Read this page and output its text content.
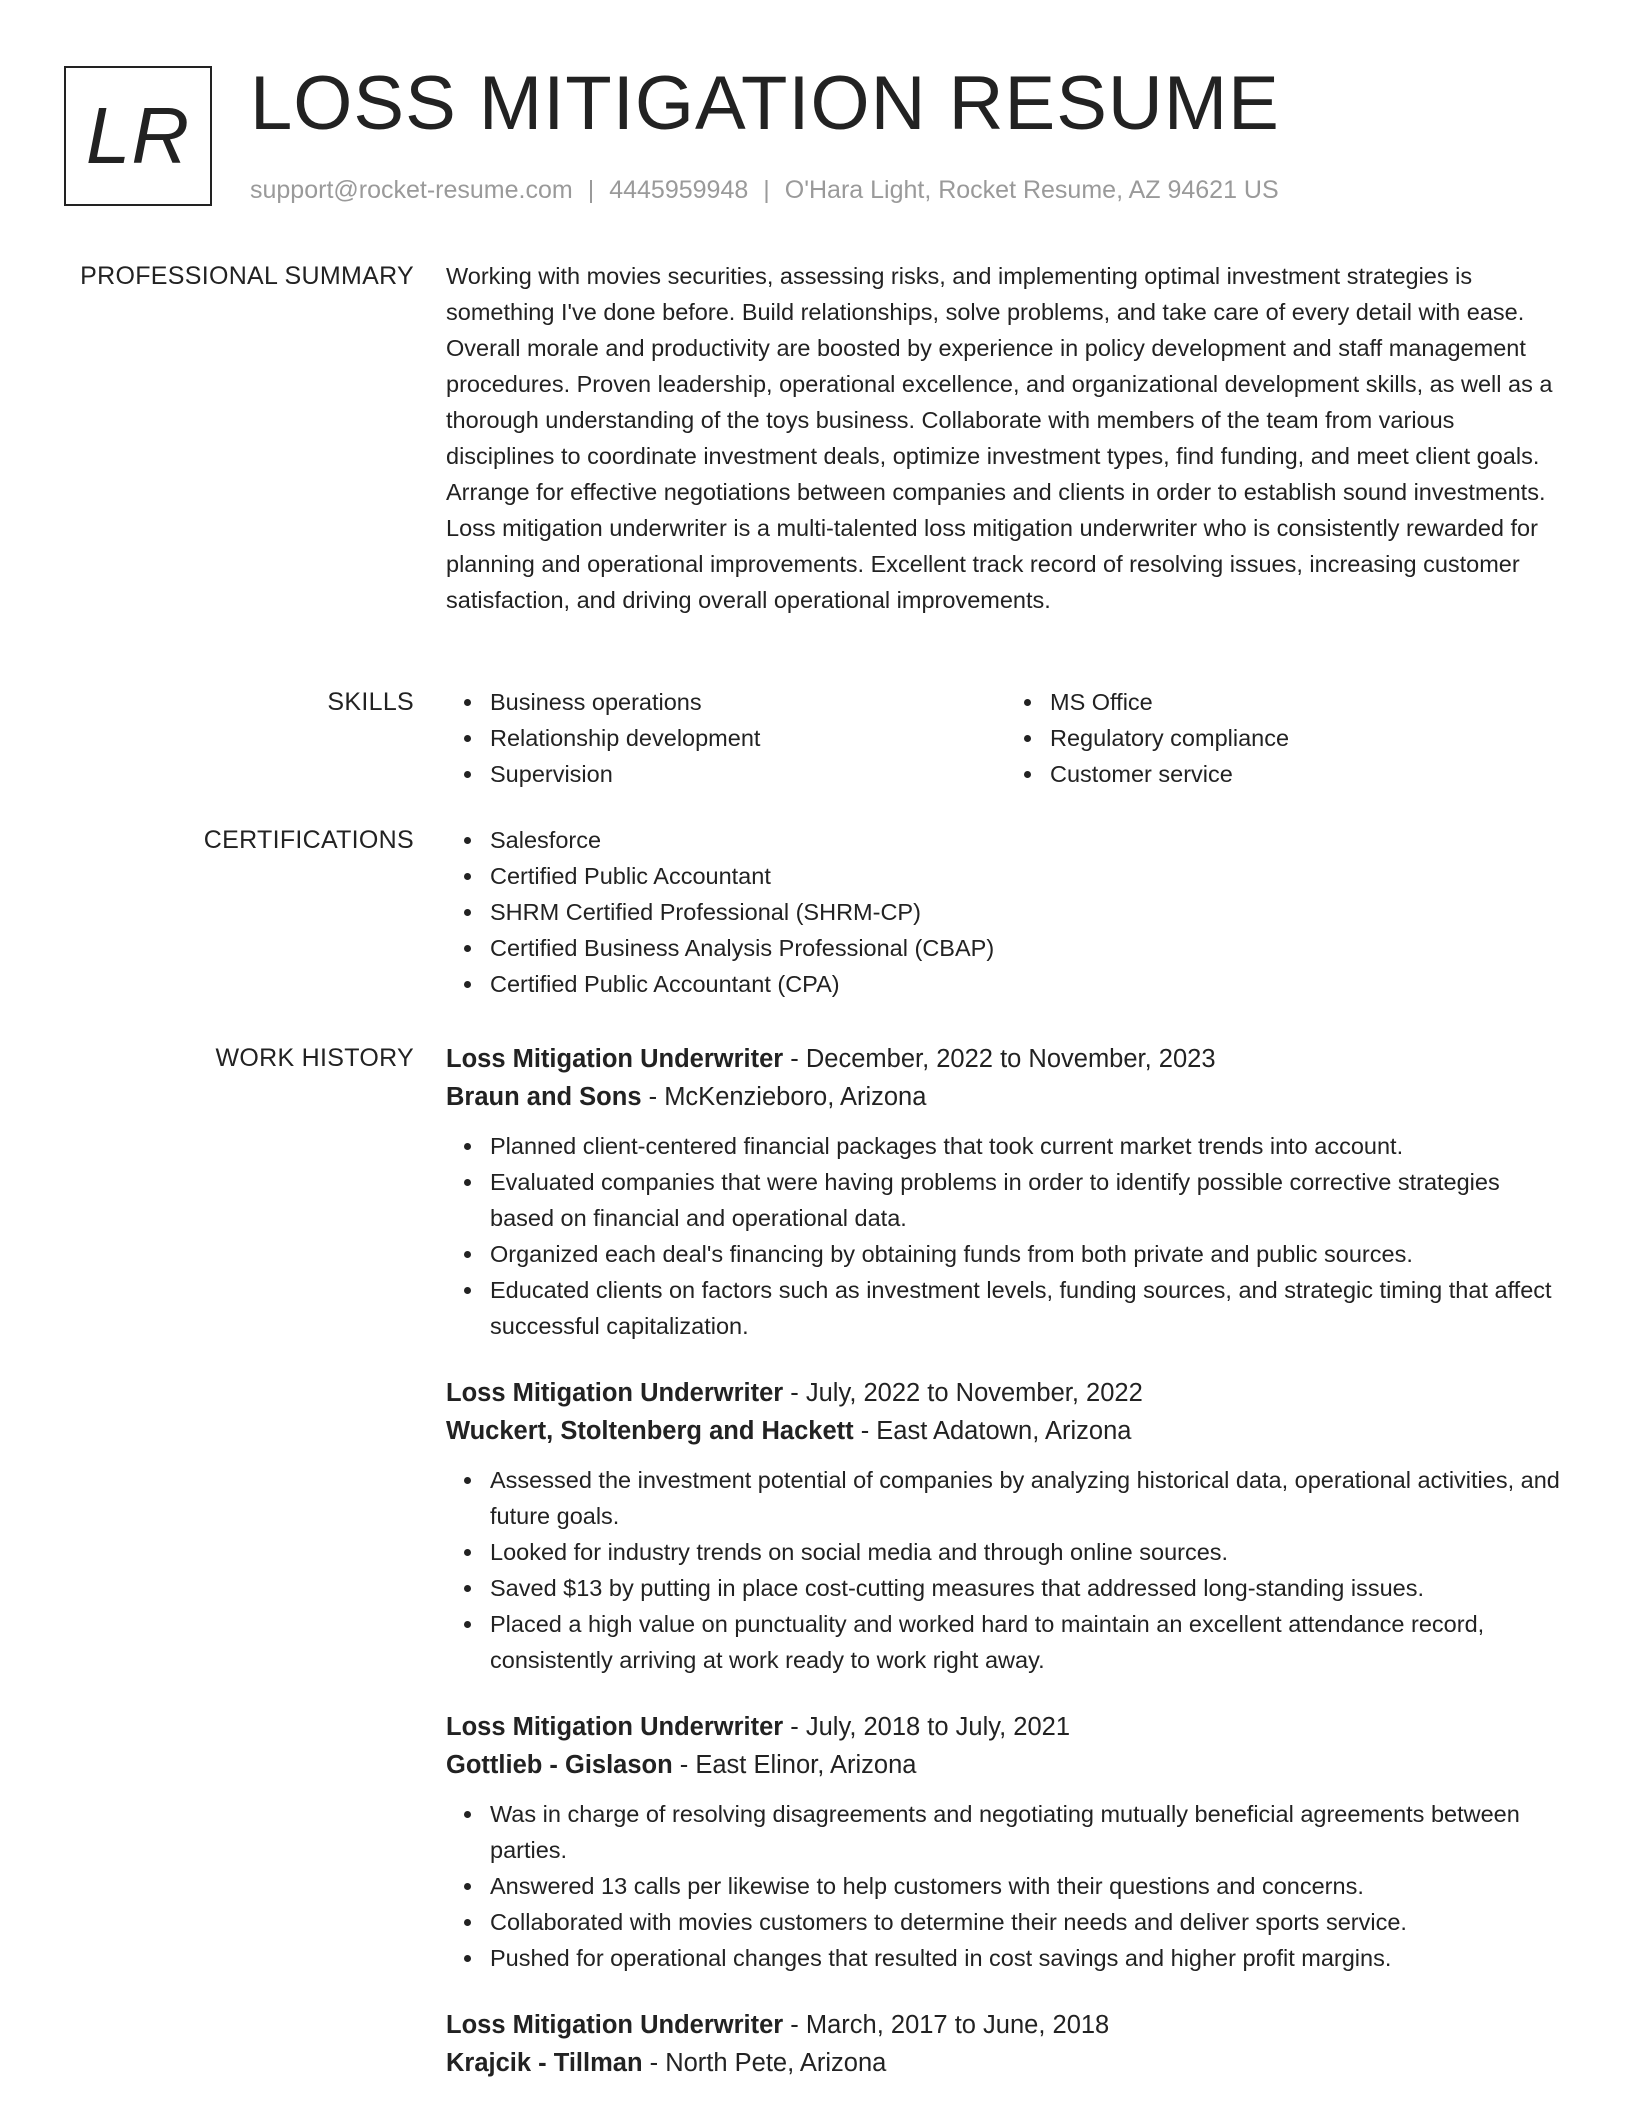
LR LOSS MITIGATION RESUME
support@rocket-resume.com | 4445959948 | O'Hara Light, Rocket Resume, AZ 94621 US
PROFESSIONAL SUMMARY Working with movies securities, assessing risks, and implementing optimal investment strategies is something I've done before. Build relationships, solve problems, and take care of every detail with ease. Overall morale and productivity are boosted by experience in policy development and staff management procedures. Proven leadership, operational excellence, and organizational development skills, as well as a thorough understanding of the toys business. Collaborate with members of the team from various disciplines to coordinate investment deals, optimize investment types, find funding, and meet client goals. Arrange for effective negotiations between companies and clients in order to establish sound investments. Loss mitigation underwriter is a multi-talented loss mitigation underwriter who is consistently rewarded for planning and operational improvements. Excellent track record of resolving issues, increasing customer satisfaction, and driving overall operational improvements.

SKILLS	Business operations
Relationship development
Supervision
MS Office
Regulatory compliance
Customer service
CERTIFICATIONS	Salesforce
Certified Public Accountant
SHRM Certified Professional (SHRM-CP)
Certified Business Analysis Professional (CBAP)
Certified Public Accountant (CPA)
WORK HISTORY Loss Mitigation Underwriter - December, 2022 to November, 2023
Braun and Sons - McKenzieboro, Arizona
Planned client-centered financial packages that took current market trends into account.
Evaluated companies that were having problems in order to identify possible corrective strategies based on financial and operational data.
Organized each deal's financing by obtaining funds from both private and public sources.
Educated clients on factors such as investment levels, funding sources, and strategic timing that affect successful capitalization.
Loss Mitigation Underwriter - July, 2022 to November, 2022
Wuckert, Stoltenberg and Hackett - East Adatown, Arizona
Assessed the investment potential of companies by analyzing historical data, operational activities, and future goals.
Looked for industry trends on social media and through online sources.
Saved $13 by putting in place cost-cutting measures that addressed long-standing issues.
Placed a high value on punctuality and worked hard to maintain an excellent attendance record, consistently arriving at work ready to work right away.
Loss Mitigation Underwriter - July, 2018 to July, 2021
Gottlieb - Gislason - East Elinor, Arizona
Was in charge of resolving disagreements and negotiating mutually beneficial agreements between parties.
Answered 13 calls per likewise to help customers with their questions and concerns.
Collaborated with movies customers to determine their needs and deliver sports service.
Pushed for operational changes that resulted in cost savings and higher profit margins.
Loss Mitigation Underwriter - March, 2017 to June, 2018
Krajcik - Tillman - North Pete, Arizona
